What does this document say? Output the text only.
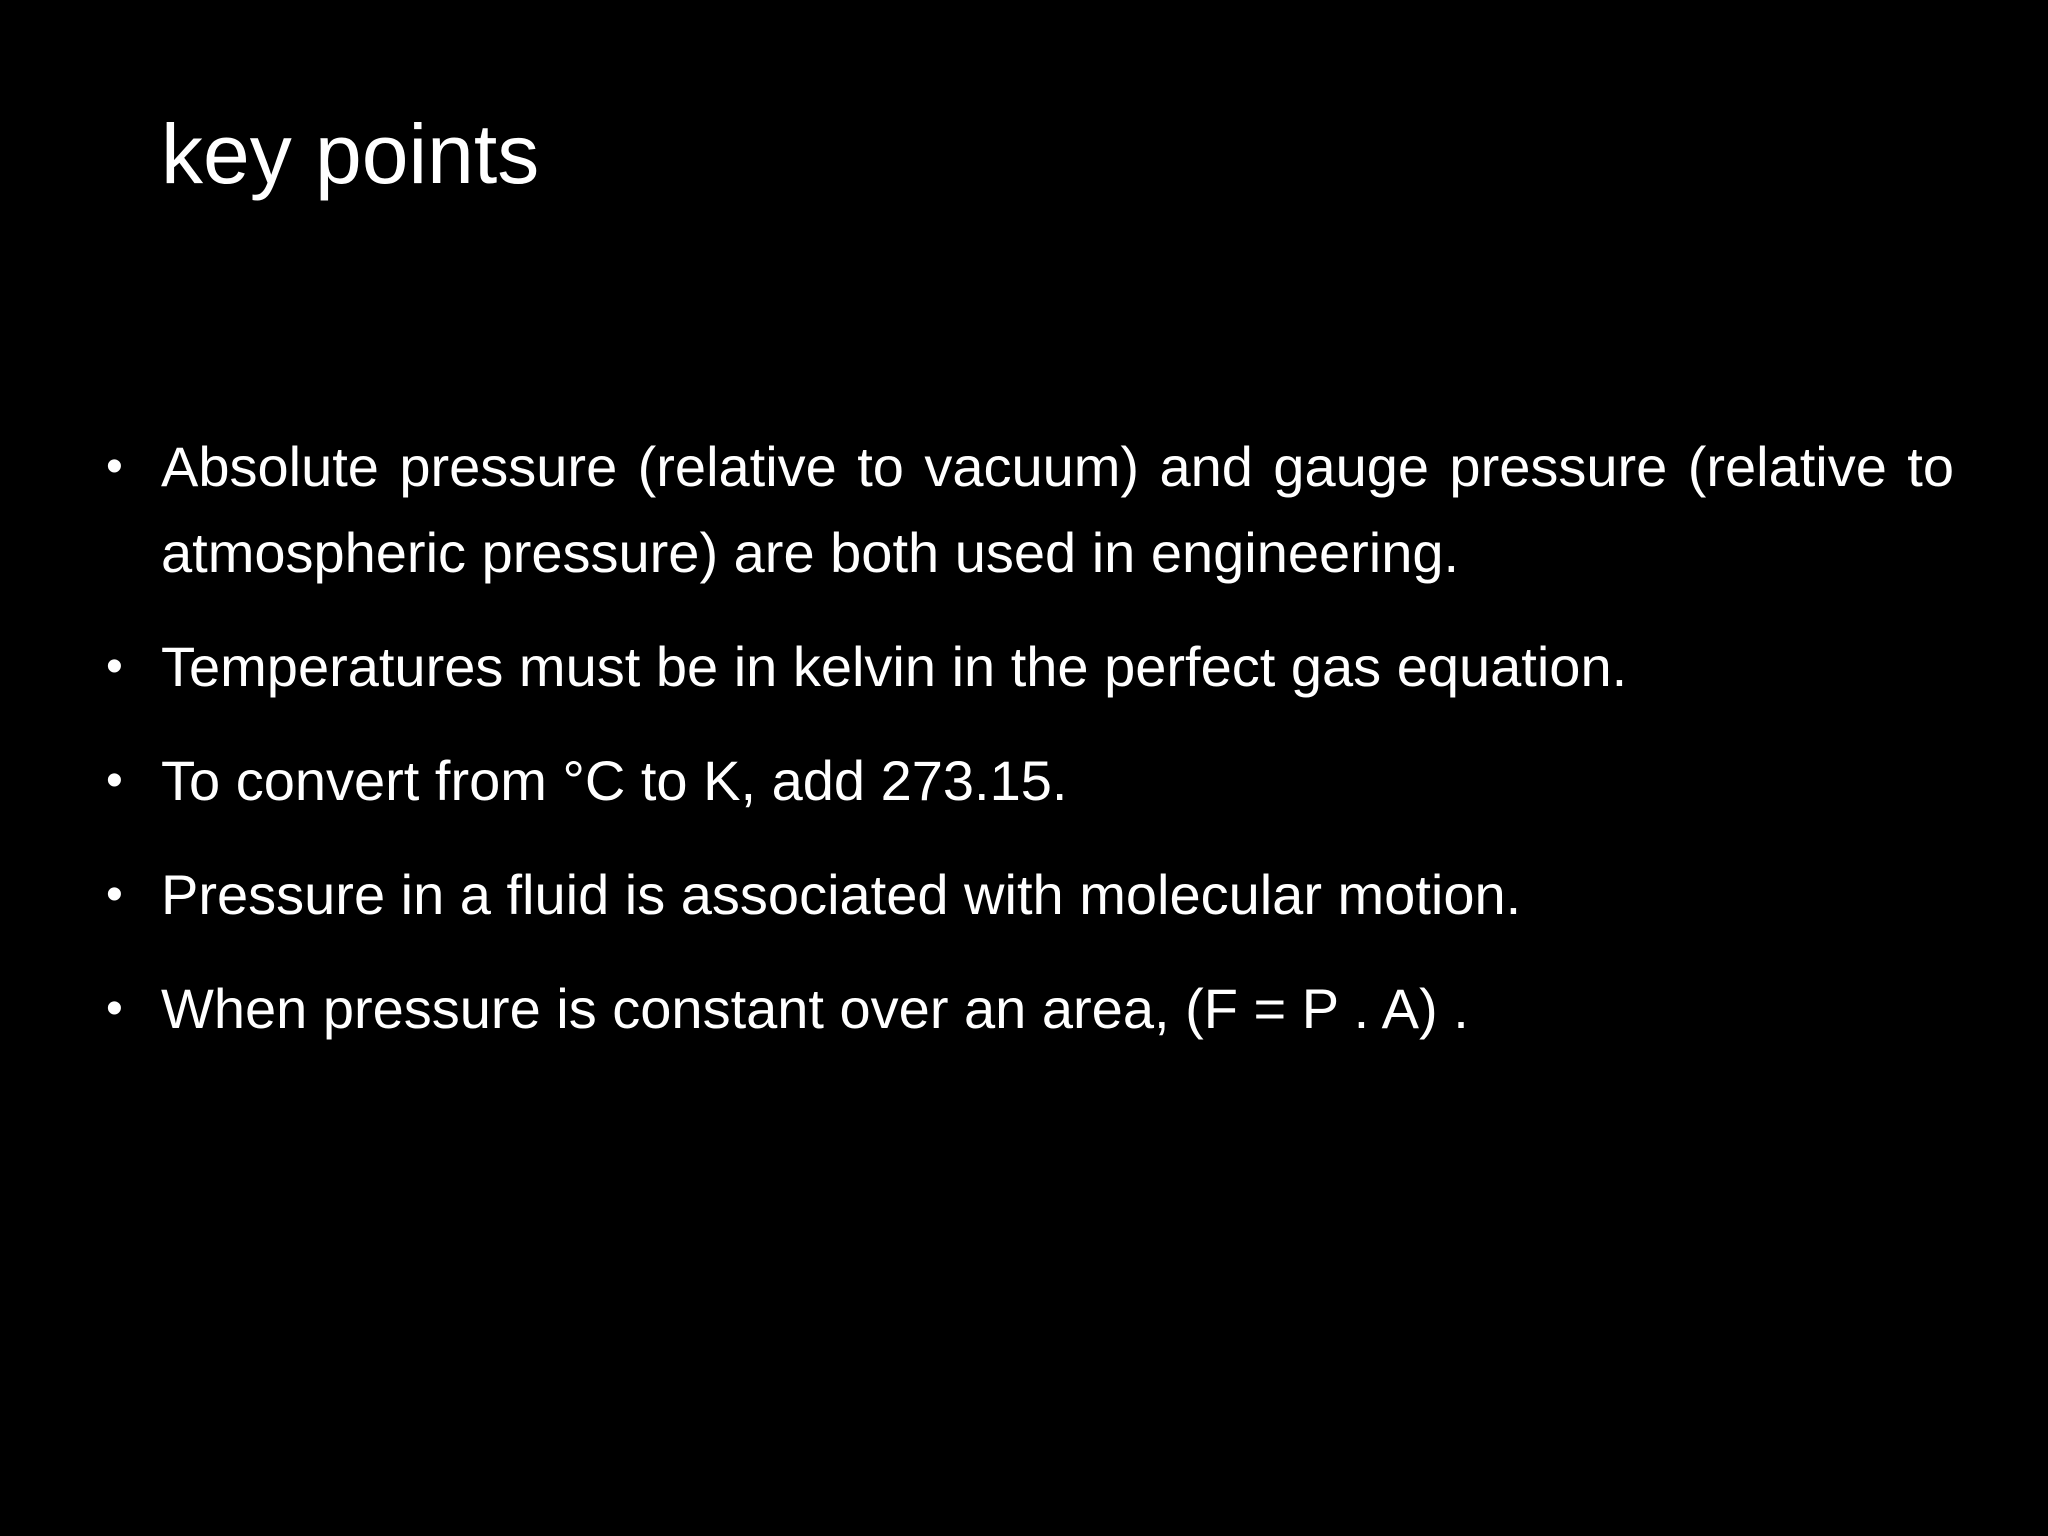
key points
• Absolute pressure (relative to vacuum) and gauge pressure (relative to atmospheric pressure) are both used in engineering.
• Temperatures must be in kelvin in the perfect gas equation.
• To convert from °C to K, add 273.15.
• Pressure in a fluid is associated with molecular motion.
• When pressure is constant over an area, (F = P . A) .
